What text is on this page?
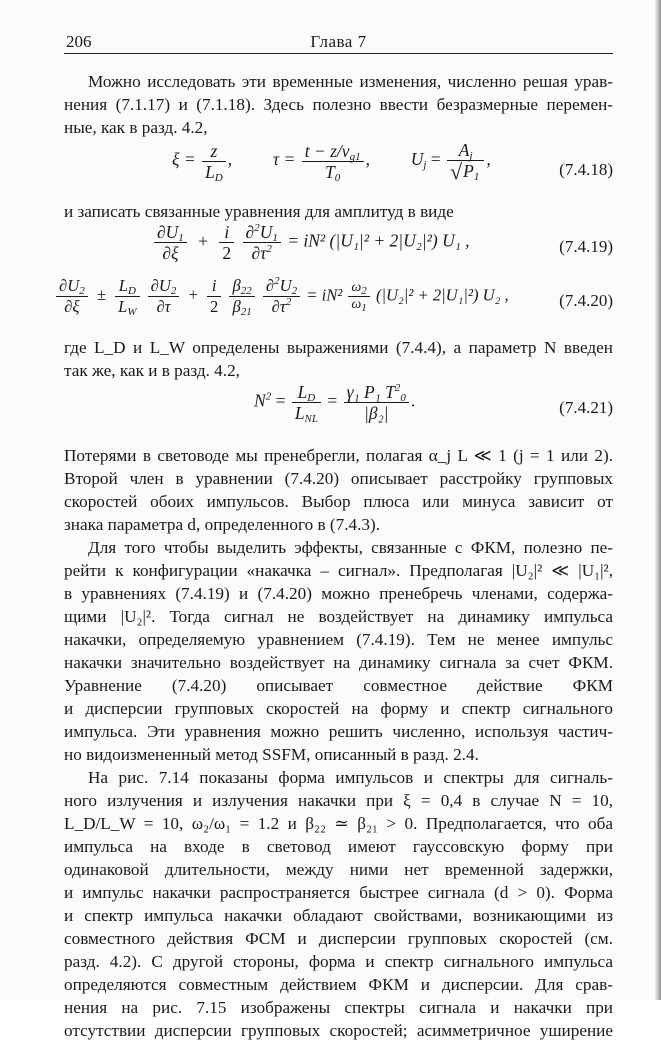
206	Глава 7
Можно исследовать эти временные изменения, численно решая урав-
нения (7.1.17) и (7.1.18). Здесь полезно ввести безразмерные перемен-
ные, как в разд. 4.2,
$\xi = \frac{z}{L_D}$ ,  $\tau = \frac{t - z/v_{g1}}{T_0}$ ,  $U_j = \frac{A_j}{√P_1}$ ,
(7.4.18)
и записать связанные уравнения для амплитуд в виде
$\frac{\partial U_1}{\partial\xi} + \frac{i}{2}$
$\frac{\partial^2U_1}{\partial\tau^2} = iN^2$ (|U₁|² + 2|U₂|²) U₁ ,	(7.4.19)
$\frac{\partial U_2}{\partial\xi} \pm \frac{L_D}{L_W}$
$\frac{\partial U_2}{\partial\tau} + \frac{i}{2}$
$\frac{\beta_{22}}{\beta_{21}}$
$\frac{\partial^2U_2}{\partial\tau^2} = iN^2 \frac{\omega_2}{\omega_1} (|U_2|^2 + 2|U_1|^2)$ U₂ ,	(7.4.20)
где L_D и L_W определены выражениями (7.4.4), а параметр N введен
так же, как и в разд. 4.2,
$N^2 = \frac{L_D}{L_{NL}} = \frac{\gamma_1 P_1 T^2_0}{\text{|β₂|}}$ .	(7.4.21)
Потерями в световоде мы пренебрегли, полагая α_j L ≪ 1 (j = 1 или 2).
Второй член в уравнении (7.4.20) описывает расстройку групповых
скоростей обоих импульсов. Выбор плюса или минуса зависит от
знака параметра d, определенного в (7.4.3).
Для того чтобы выделить эффекты, связанные с ФКМ, полезно пе-
рейти к конфигурации «накачка – сигнал». Предполагая |U₂|² ≪ |U₁|²,
в уравнениях (7.4.19) и (7.4.20) можно пренебречь членами, содержа-
щими |U₂|². Тогда сигнал не воздействует на динамику импульса
накачки, определяемую уравнением (7.4.19). Тем не менее импульс
накачки значительно воздействует на динамику сигнала за счет ФКМ.
Уравнение (7.4.20) описывает совместное действие ФКМ
и дисперсии групповых скоростей на форму и спектр сигнального
импульса. Эти уравнения можно решить численно, используя частич-
но видоизмененный метод SSFM, описанный в разд. 2.4.
На рис. 7.14 показаны форма импульсов и спектры для сигналь-
ного излучения и излучения накачки при ξ = 0,4 в случае N = 10,
L_D/L_W = 10, ω₂/ω₁ = 1.2 и β₂₂ ≃ β₂₁ > 0. Предполагается, что оба
импульса на входе в световод имеют гауссовскую форму при
одинаковой длительности, между ними нет временной задержки,
и импульс накачки распространяется быстрее сигнала (d > 0). Форма
и спектр импульса накачки обладают свойствами, возникающими из
совместного действия ФСМ и дисперсии групповых скоростей (см.
разд. 4.2). С другой стороны, форма и спектр сигнального импульса
определяются совместным действием ФКМ и дисперсии. Для срав-
нения на рис. 7.15 изображены спектры сигнала и накачки при
отсутствии дисперсии групповых скоростей; асимметричное уширение
